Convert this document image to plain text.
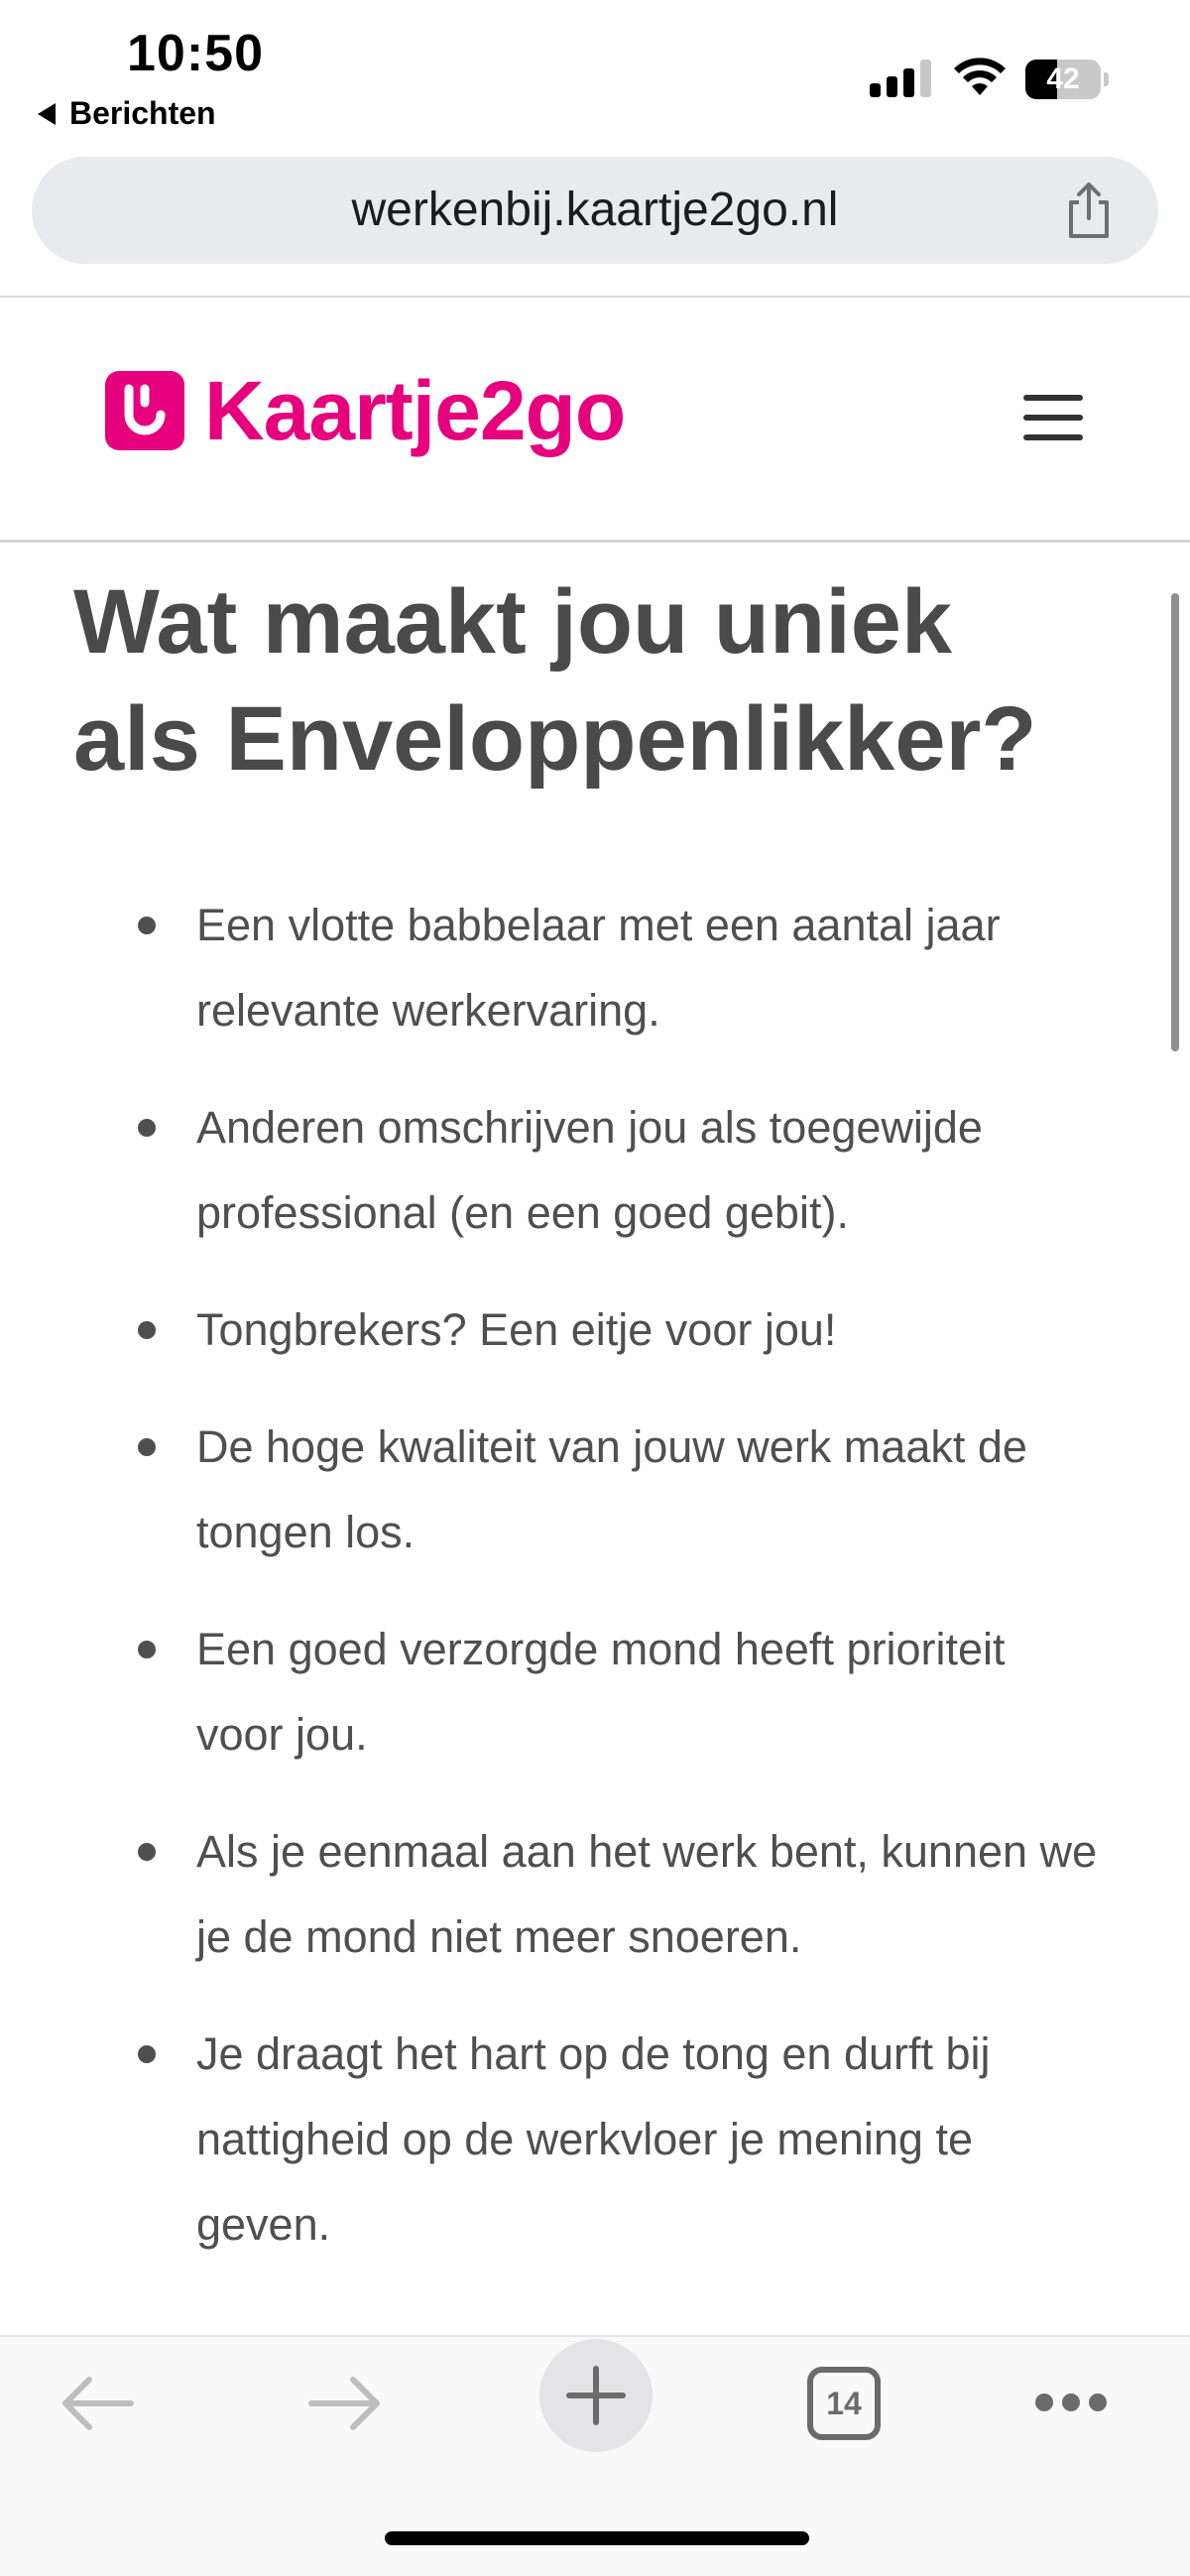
10:50
Berichten
42
werkenbij.kaartje2go.nl
Kaartje2go
Wat maakt jou uniek
als Enveloppenlikker?
Een vlotte babbelaar met een aantal jaar
relevante werkervaring.
Anderen omschrijven jou als toegewijde
professional (en een goed gebit).
Tongbrekers? Een eitje voor jou!
De hoge kwaliteit van jouw werk maakt de
tongen los.
Een goed verzorgde mond heeft prioriteit
voor jou.
Als je eenmaal aan het werk bent, kunnen we
je de mond niet meer snoeren.
Je draagt het hart op de tong en durft bij
nattigheid op de werkvloer je mening te
geven.
14
